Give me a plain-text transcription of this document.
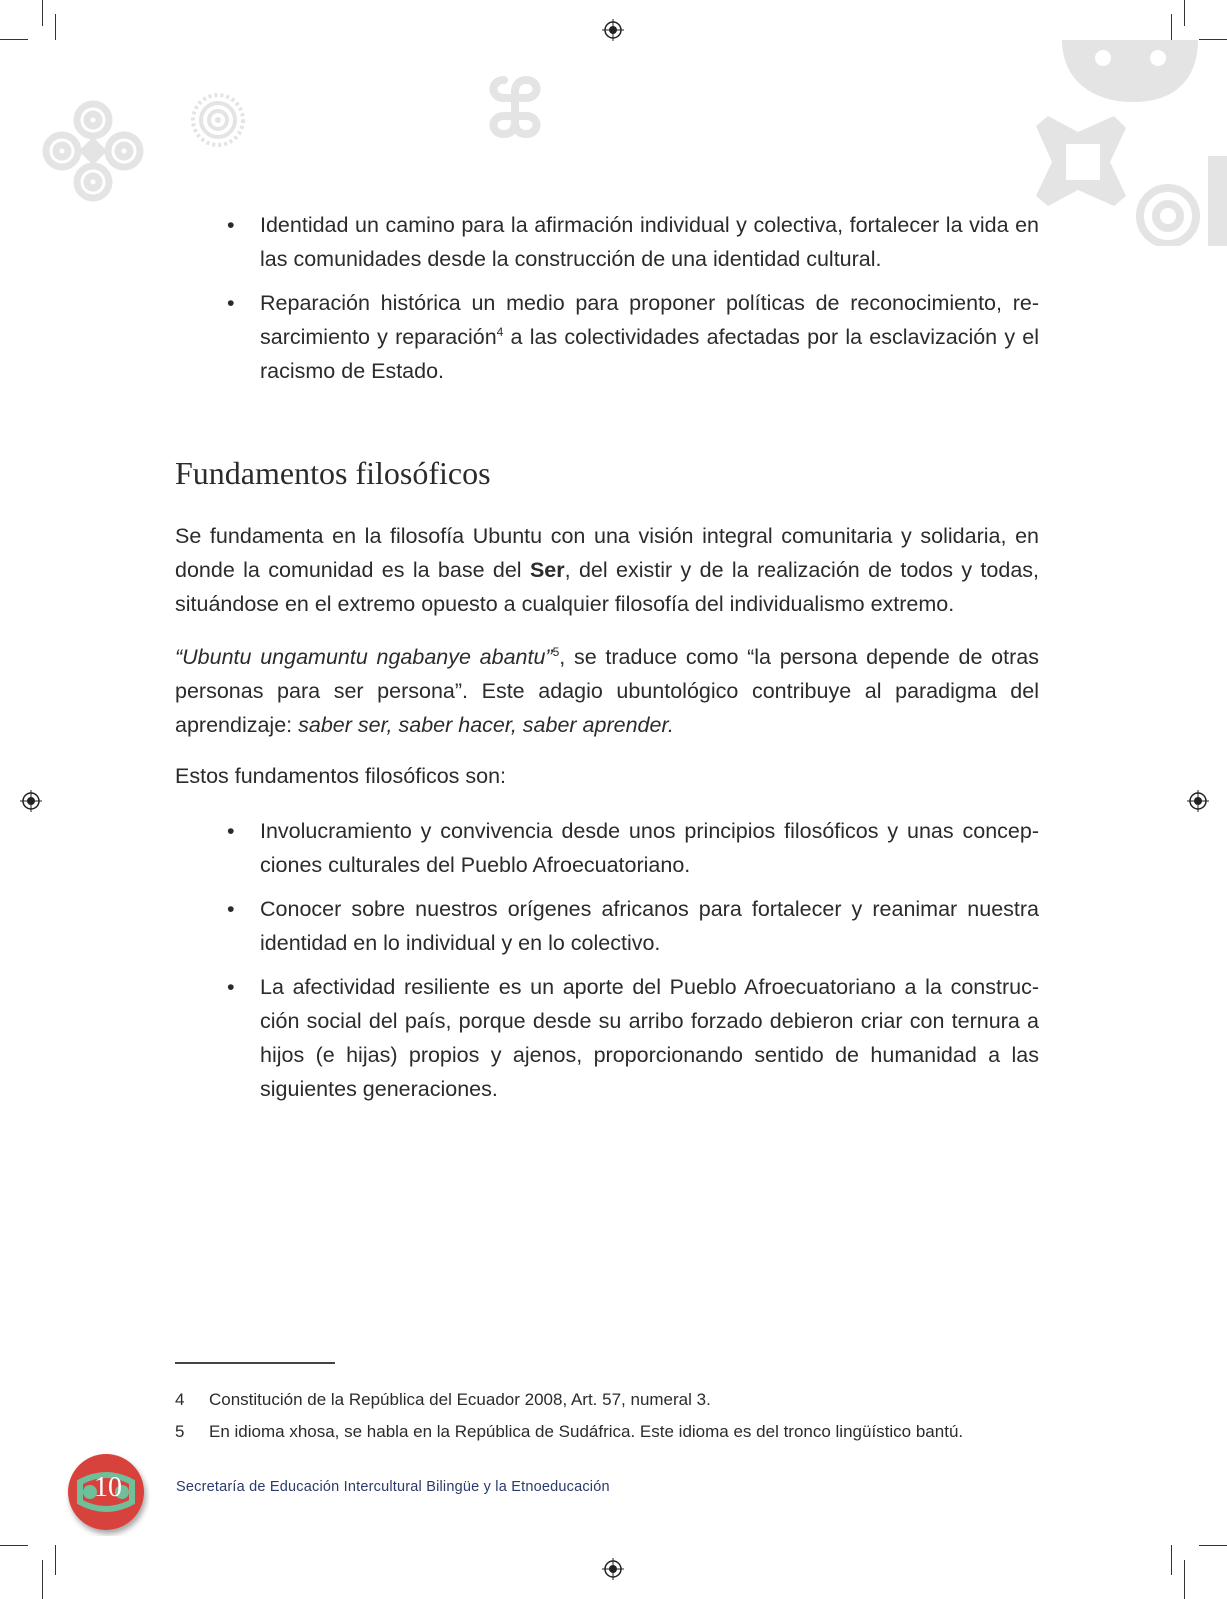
• Identidad un camino para la afirmación individual y colectiva, fortalecer la vida en las comunidades desde la construcción de una identidad cultural.
• Reparación histórica un medio para proponer políticas de reconocimiento, re-sarcimiento y reparación$^4$ a las colectividades afectadas por la esclavización y el racismo de Estado.
Fundamentos filosóficos

Se fundamenta en la filosofía Ubuntu con una visión integral comunitaria y solidaria, en donde la comunidad es la base del Ser, del existir y de la realización de todos y todas, situándose en el extremo opuesto a cualquier filosofía del individualismo extremo.

“Ubuntu ungamuntu ngabanye abantu”$^5$, se traduce como “la persona depende de otras personas para ser persona”. Este adagio ubuntológico contribuye al paradigma del aprendizaje: saber ser, saber hacer, saber aprender.

Estos fundamentos filosóficos son:

• Involucramiento y convivencia desde unos principios filosóficos y unas concep-ciones culturales del Pueblo Afroecuatoriano.
• Conocer sobre nuestros orígenes africanos para fortalecer y reanimar nuestra identidad en lo individual y en lo colectivo.
• La afectividad resiliente es un aporte del Pueblo Afroecuatoriano a la construc-ción social del país, porque desde su arribo forzado debieron criar con ternura a hijos (e hijas) propios y ajenos, proporcionando sentido de humanidad a las siguientes generaciones.
4 Constitución de la República del Ecuador 2008, Art. 57, numeral 3.
5 En idioma xhosa, se habla en la República de Sudáfrica. Este idioma es del tronco lingüístico bantú.
10	Secretaría de Educación Intercultural Bilingüe y la Etnoeducación
